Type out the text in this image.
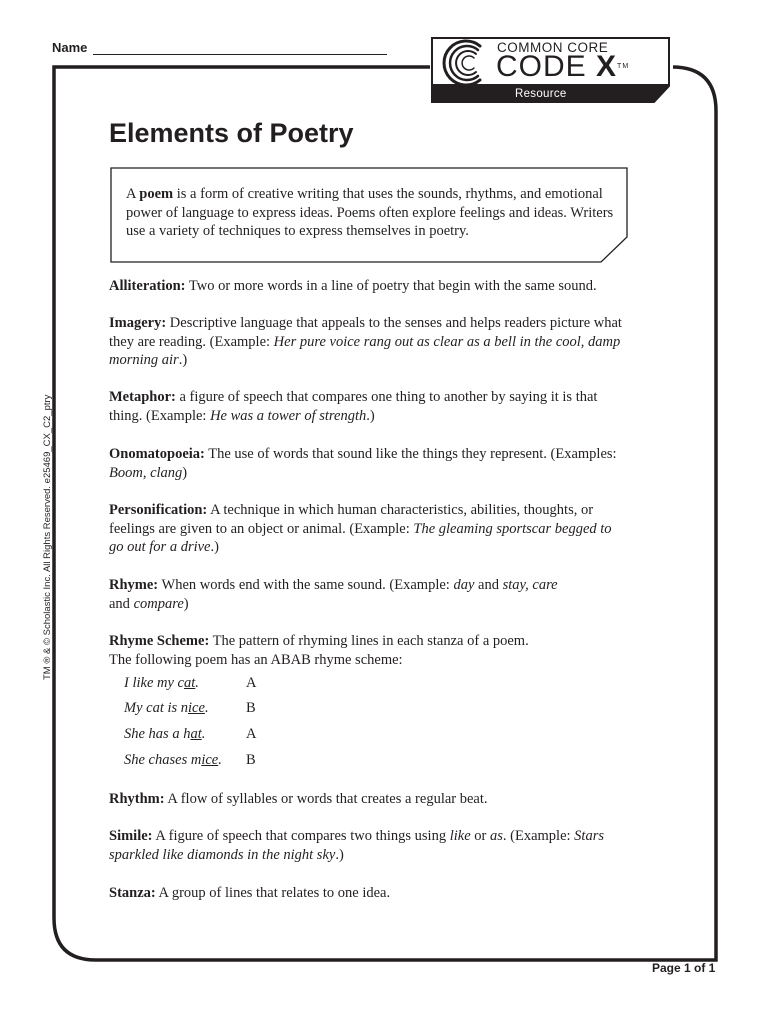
Name	COMMON CORE
CODE X™
Resource
TM ® & © Scholastic Inc. All Rights Reserved. e25469_CX_C2_ptry
Elements of Poetry
A poem is a form of creative writing that uses the sounds, rhythms, and emotional power of language to express ideas. Poems often explore feelings and ideas. Writers use a variety of techniques to express themselves in poetry.
Alliteration: Two or more words in a line of poetry that begin with the same sound.
Imagery: Descriptive language that appeals to the senses and helps readers picture what they are reading. (Example: Her pure voice rang out as clear as a bell in the cool, damp morning air.)
Metaphor: a figure of speech that compares one thing to another by saying it is that thing. (Example: He was a tower of strength.)
Onomatopoeia: The use of words that sound like the things they represent. (Examples: Boom, clang)
Personification: A technique in which human characteristics, abilities, thoughts, or feelings are given to an object or animal. (Example: The gleaming sportscar begged to go out for a drive.)
Rhyme: When words end with the same sound. (Example: day and stay, care and compare)
Rhyme Scheme: The pattern of rhyming lines in each stanza of a poem.
The following poem has an ABAB rhyme scheme:
I like my cat.	A
My cat is nice.	B
She has a hat.	A
She chases mice. B
Rhythm: A flow of syllables or words that creates a regular beat.
Simile: A figure of speech that compares two things using like or as. (Example: Stars sparkled like diamonds in the night sky.)
Stanza: A group of lines that relates to one idea.
Page 1 of 1
